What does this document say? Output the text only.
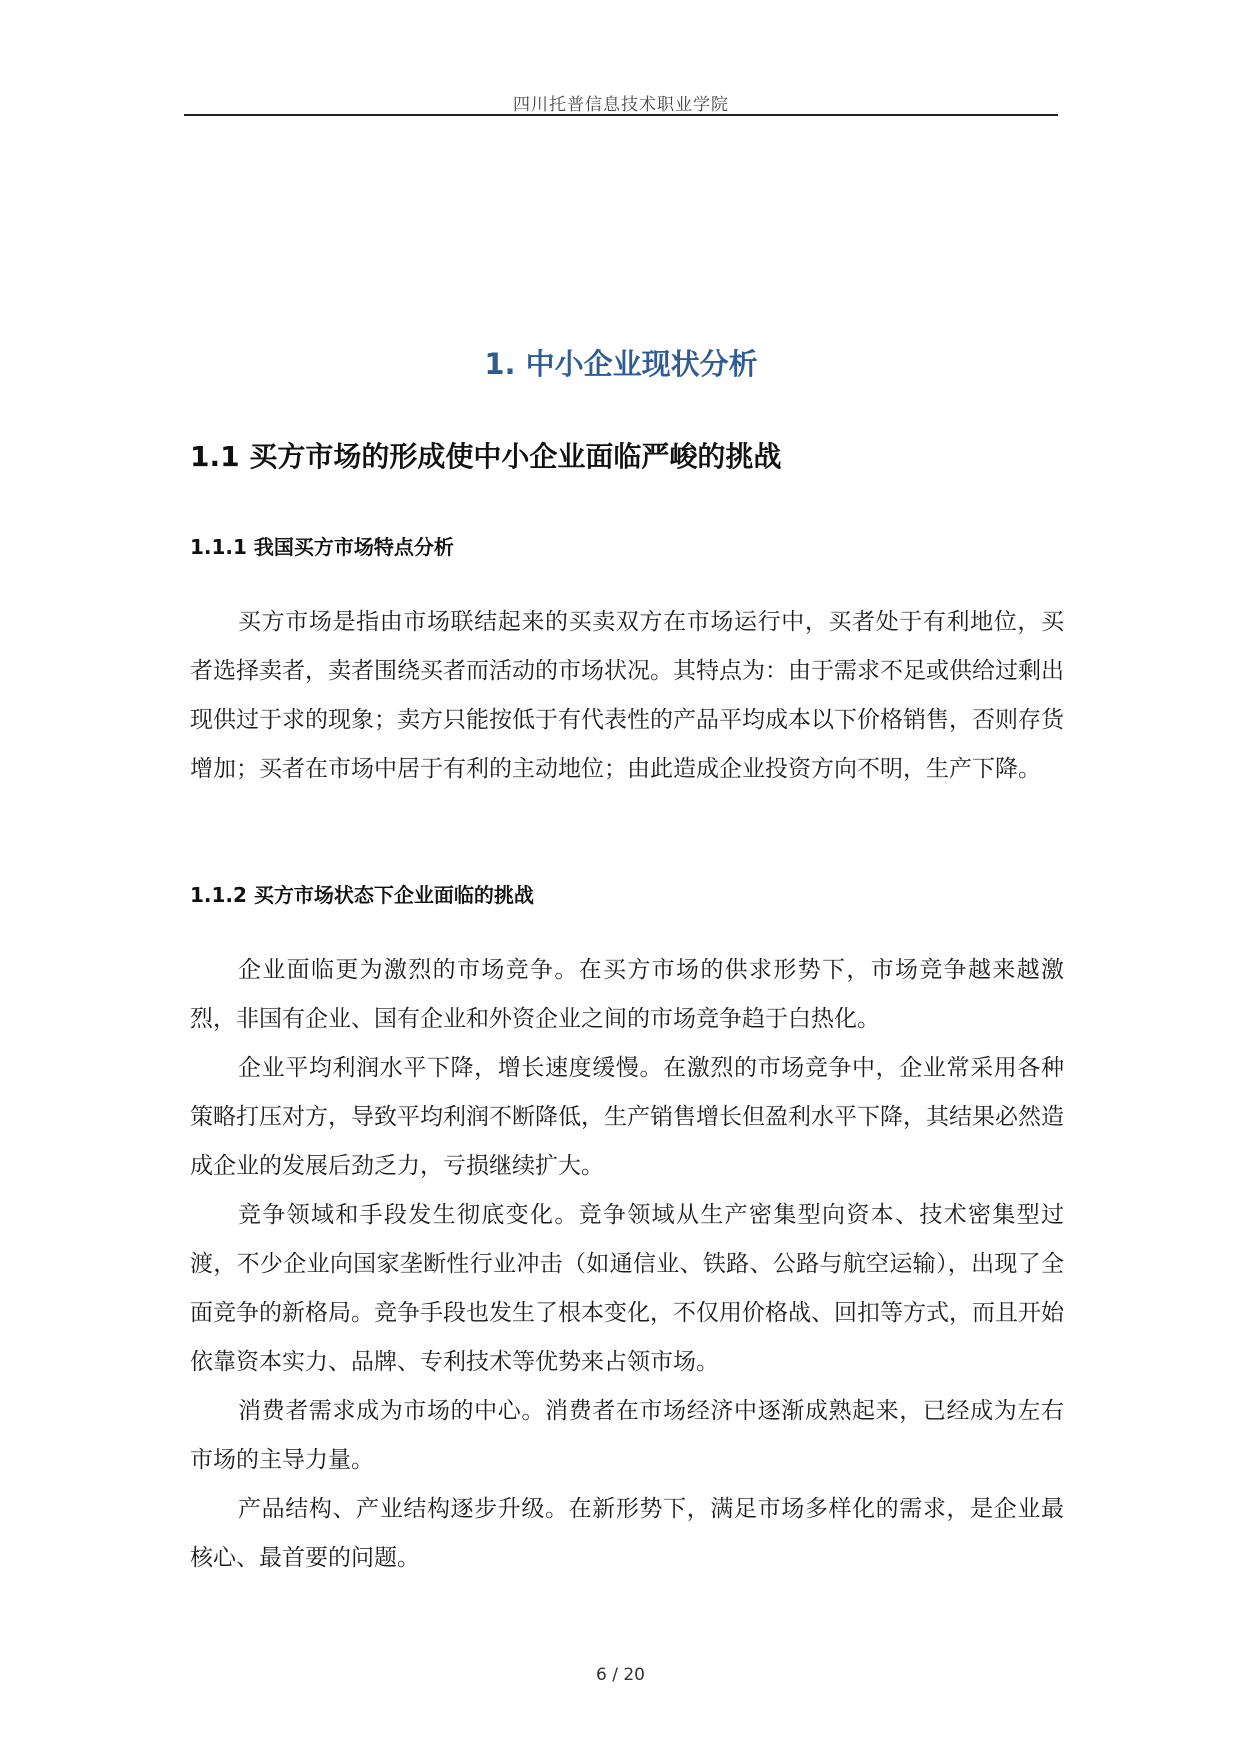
四川托普信息技术职业学院
1. 中小企业现状分析
1.1 买方市场的形成使中小企业面临严峻的挑战
1.1.1 我国买方市场特点分析

买方市场是指由市场联结起来的买卖双方在市场运行中，买者处于有利地位，买者选择卖者，卖者围绕买者而活动的市场状况。其特点为：由于需求不足或供给过剩出现供过于求的现象；卖方只能按低于有代表性的产品平均成本以下价格销售，否则存货增加；买者在市场中居于有利的主动地位；由此造成企业投资方向不明，生产下降。

1.1.2 买方市场状态下企业面临的挑战

企业面临更为激烈的市场竞争。在买方市场的供求形势下，市场竞争越来越激烈，非国有企业、国有企业和外资企业之间的市场竞争趋于白热化。

企业平均利润水平下降，增长速度缓慢。在激烈的市场竞争中，企业常采用各种策略打压对方，导致平均利润不断降低，生产销售增长但盈利水平下降，其结果必然造成企业的发展后劲乏力，亏损继续扩大。

竞争领域和手段发生彻底变化。竞争领域从生产密集型向资本、技术密集型过渡，不少企业向国家垄断性行业冲击（如通信业、铁路、公路与航空运输），出现了全面竞争的新格局。竞争手段也发生了根本变化，不仅用价格战、回扣等方式，而且开始依靠资本实力、品牌、专利技术等优势来占领市场。

消费者需求成为市场的中心。消费者在市场经济中逐渐成熟起来，已经成为左右市场的主导力量。

产品结构、产业结构逐步升级。在新形势下，满足市场多样化的需求，是企业最核心、最首要的问题。

6 / 20
